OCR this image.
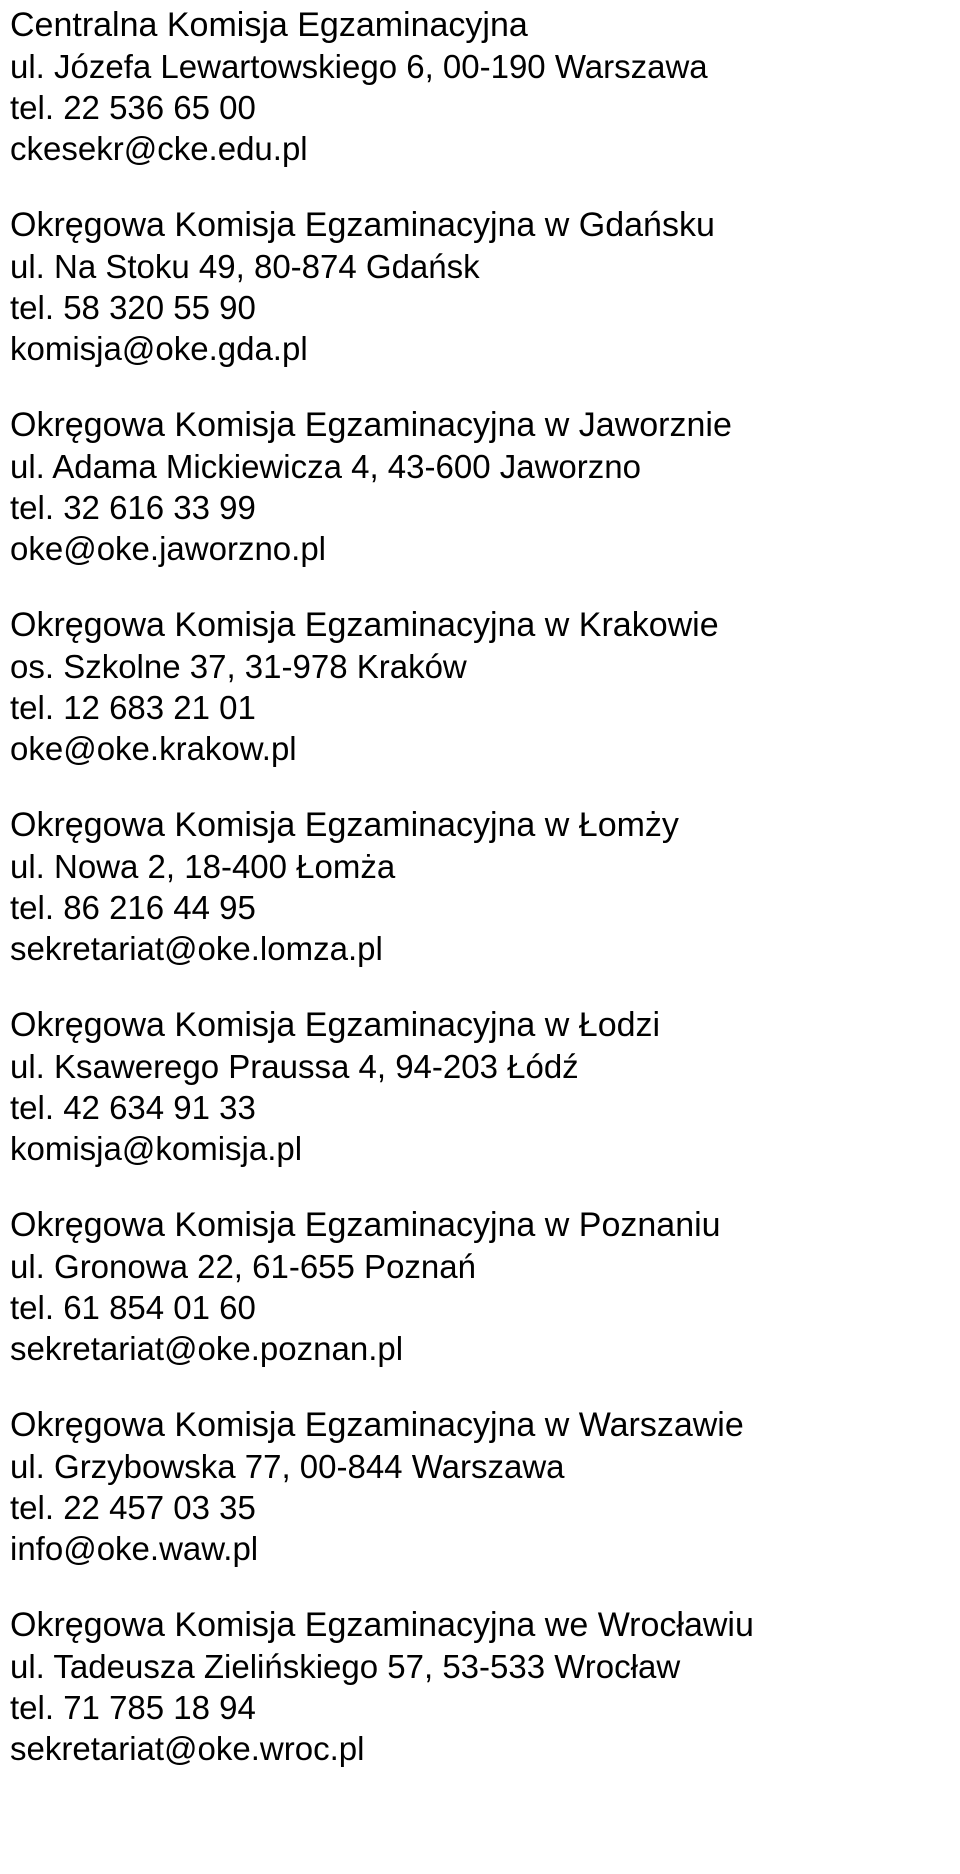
Centralna Komisja Egzaminacyjna
ul. Józefa Lewartowskiego 6, 00-190 Warszawa
tel. 22 536 65 00
ckesekr@cke.edu.pl
Okręgowa Komisja Egzaminacyjna w Gdańsku
ul. Na Stoku 49, 80-874 Gdańsk
tel. 58 320 55 90
komisja@oke.gda.pl
Okręgowa Komisja Egzaminacyjna w Jaworznie
ul. Adama Mickiewicza 4, 43-600 Jaworzno
tel. 32 616 33 99
oke@oke.jaworzno.pl
Okręgowa Komisja Egzaminacyjna w Krakowie
os. Szkolne 37, 31-978 Kraków
tel. 12 683 21 01
oke@oke.krakow.pl
Okręgowa Komisja Egzaminacyjna w Łomży
ul. Nowa 2, 18-400 Łomża
tel. 86 216 44 95
sekretariat@oke.lomza.pl
Okręgowa Komisja Egzaminacyjna w Łodzi
ul. Ksawerego Praussa 4, 94-203 Łódź
tel. 42 634 91 33
komisja@komisja.pl
Okręgowa Komisja Egzaminacyjna w Poznaniu
ul. Gronowa 22, 61-655 Poznań
tel. 61 854 01 60
sekretariat@oke.poznan.pl
Okręgowa Komisja Egzaminacyjna w Warszawie
ul. Grzybowska 77, 00-844 Warszawa
tel. 22 457 03 35
info@oke.waw.pl
Okręgowa Komisja Egzaminacyjna we Wrocławiu
ul. Tadeusza Zielińskiego 57, 53-533 Wrocław
tel. 71 785 18 94
sekretariat@oke.wroc.pl
